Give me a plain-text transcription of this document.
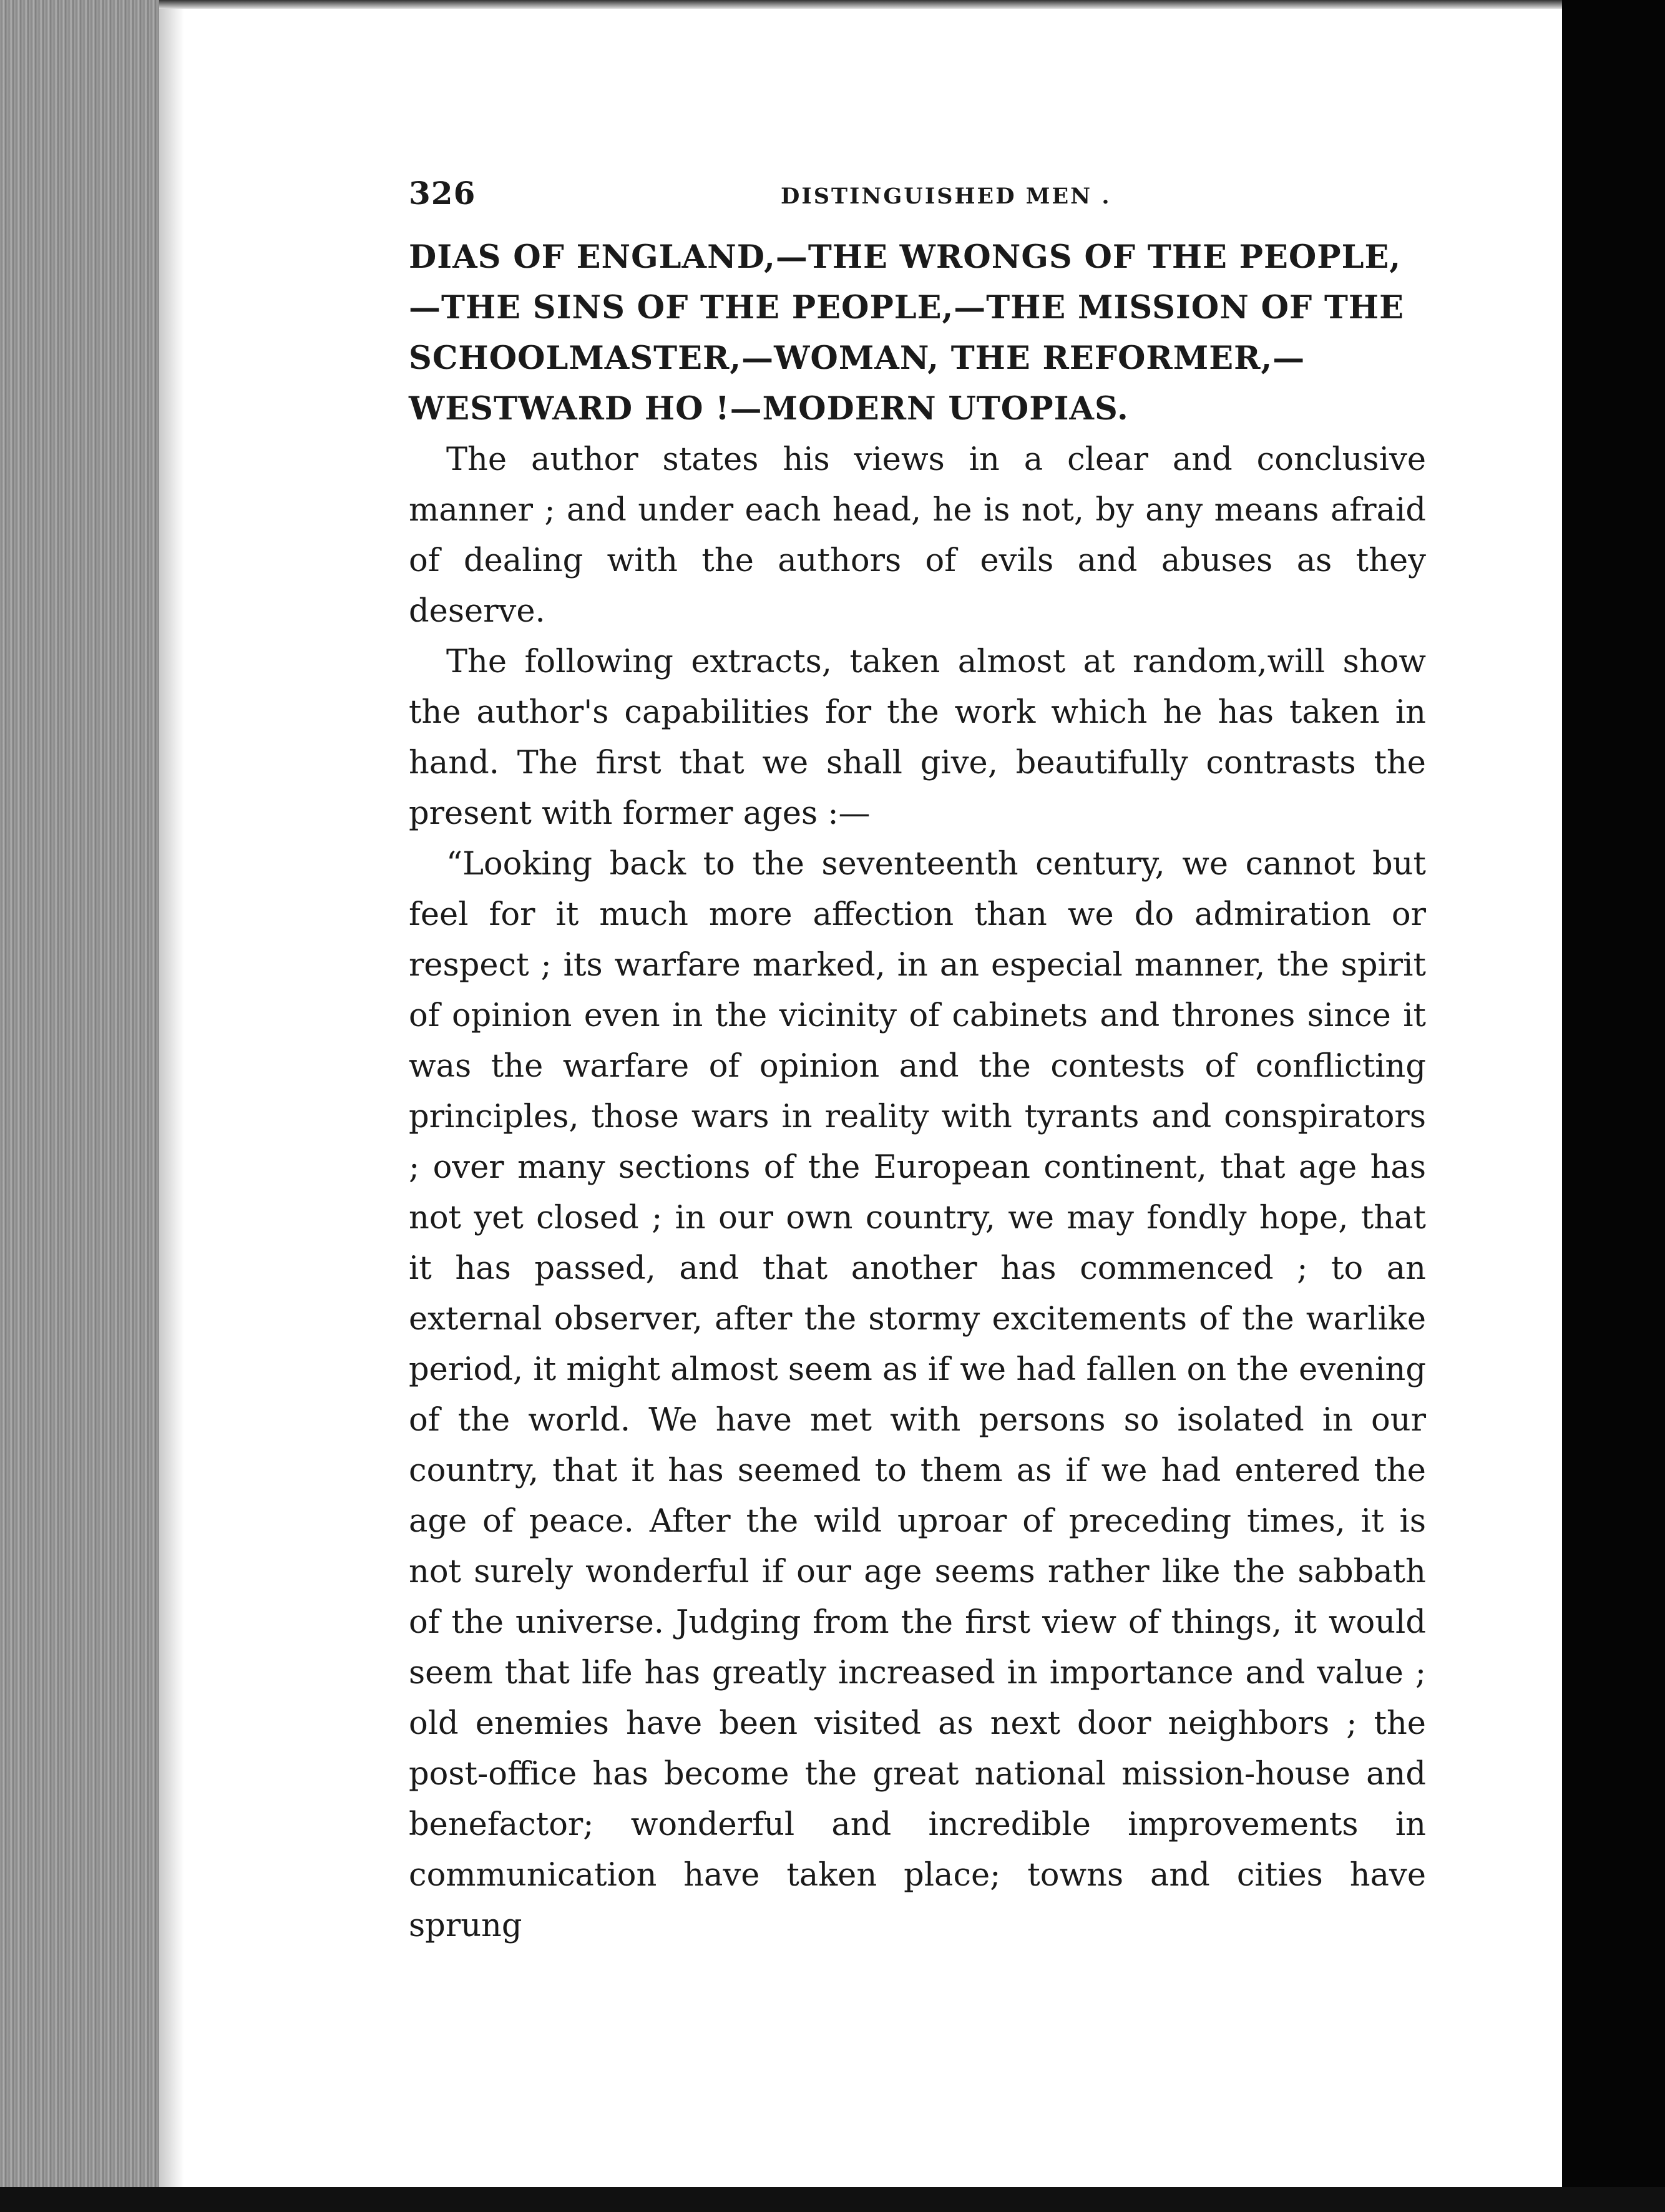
326	DISTINGUISHED MEN .

DIAS OF ENGLAND,—THE WRONGS OF THE PEOPLE,—THE SINS OF THE PEOPLE,—THE MISSION OF THE SCHOOLMASTER,—WOMAN, THE REFORMER,—WESTWARD HO !—MODERN UTOPIAS.

The author states his views in a clear and conclusive manner ; and under each head, he is not, by any means afraid of dealing with the authors of evils and abuses as they deserve.

The following extracts, taken almost at random,will show the author's capabilities for the work which he has taken in hand. The first that we shall give, beautifully contrasts the present with former ages :—

“Looking back to the seventeenth century, we cannot but feel for it much more affection than we do admiration or respect ; its warfare marked, in an especial manner, the spirit of opinion even in the vicinity of cabinets and thrones since it was the warfare of opinion and the contests of conflicting principles, those wars in reality with tyrants and conspirators ; over many sections of the European continent, that age has not yet closed ; in our own country, we may fondly hope, that it has passed, and that another has commenced ; to an external observer, after the stormy excitements of the warlike period, it might almost seem as if we had fallen on the evening of the world. We have met with persons so isolated in our country, that it has seemed to them as if we had entered the age of peace. After the wild uproar of preceding times, it is not surely wonderful if our age seems rather like the sabbath of the universe. Judging from the first view of things, it would seem that life has greatly increased in importance and value ; old enemies have been visited as next door neighbors ; the post-office has become the great national mission-house and benefactor; wonderful and incredible improvements in communication have taken place; towns and cities have sprung
